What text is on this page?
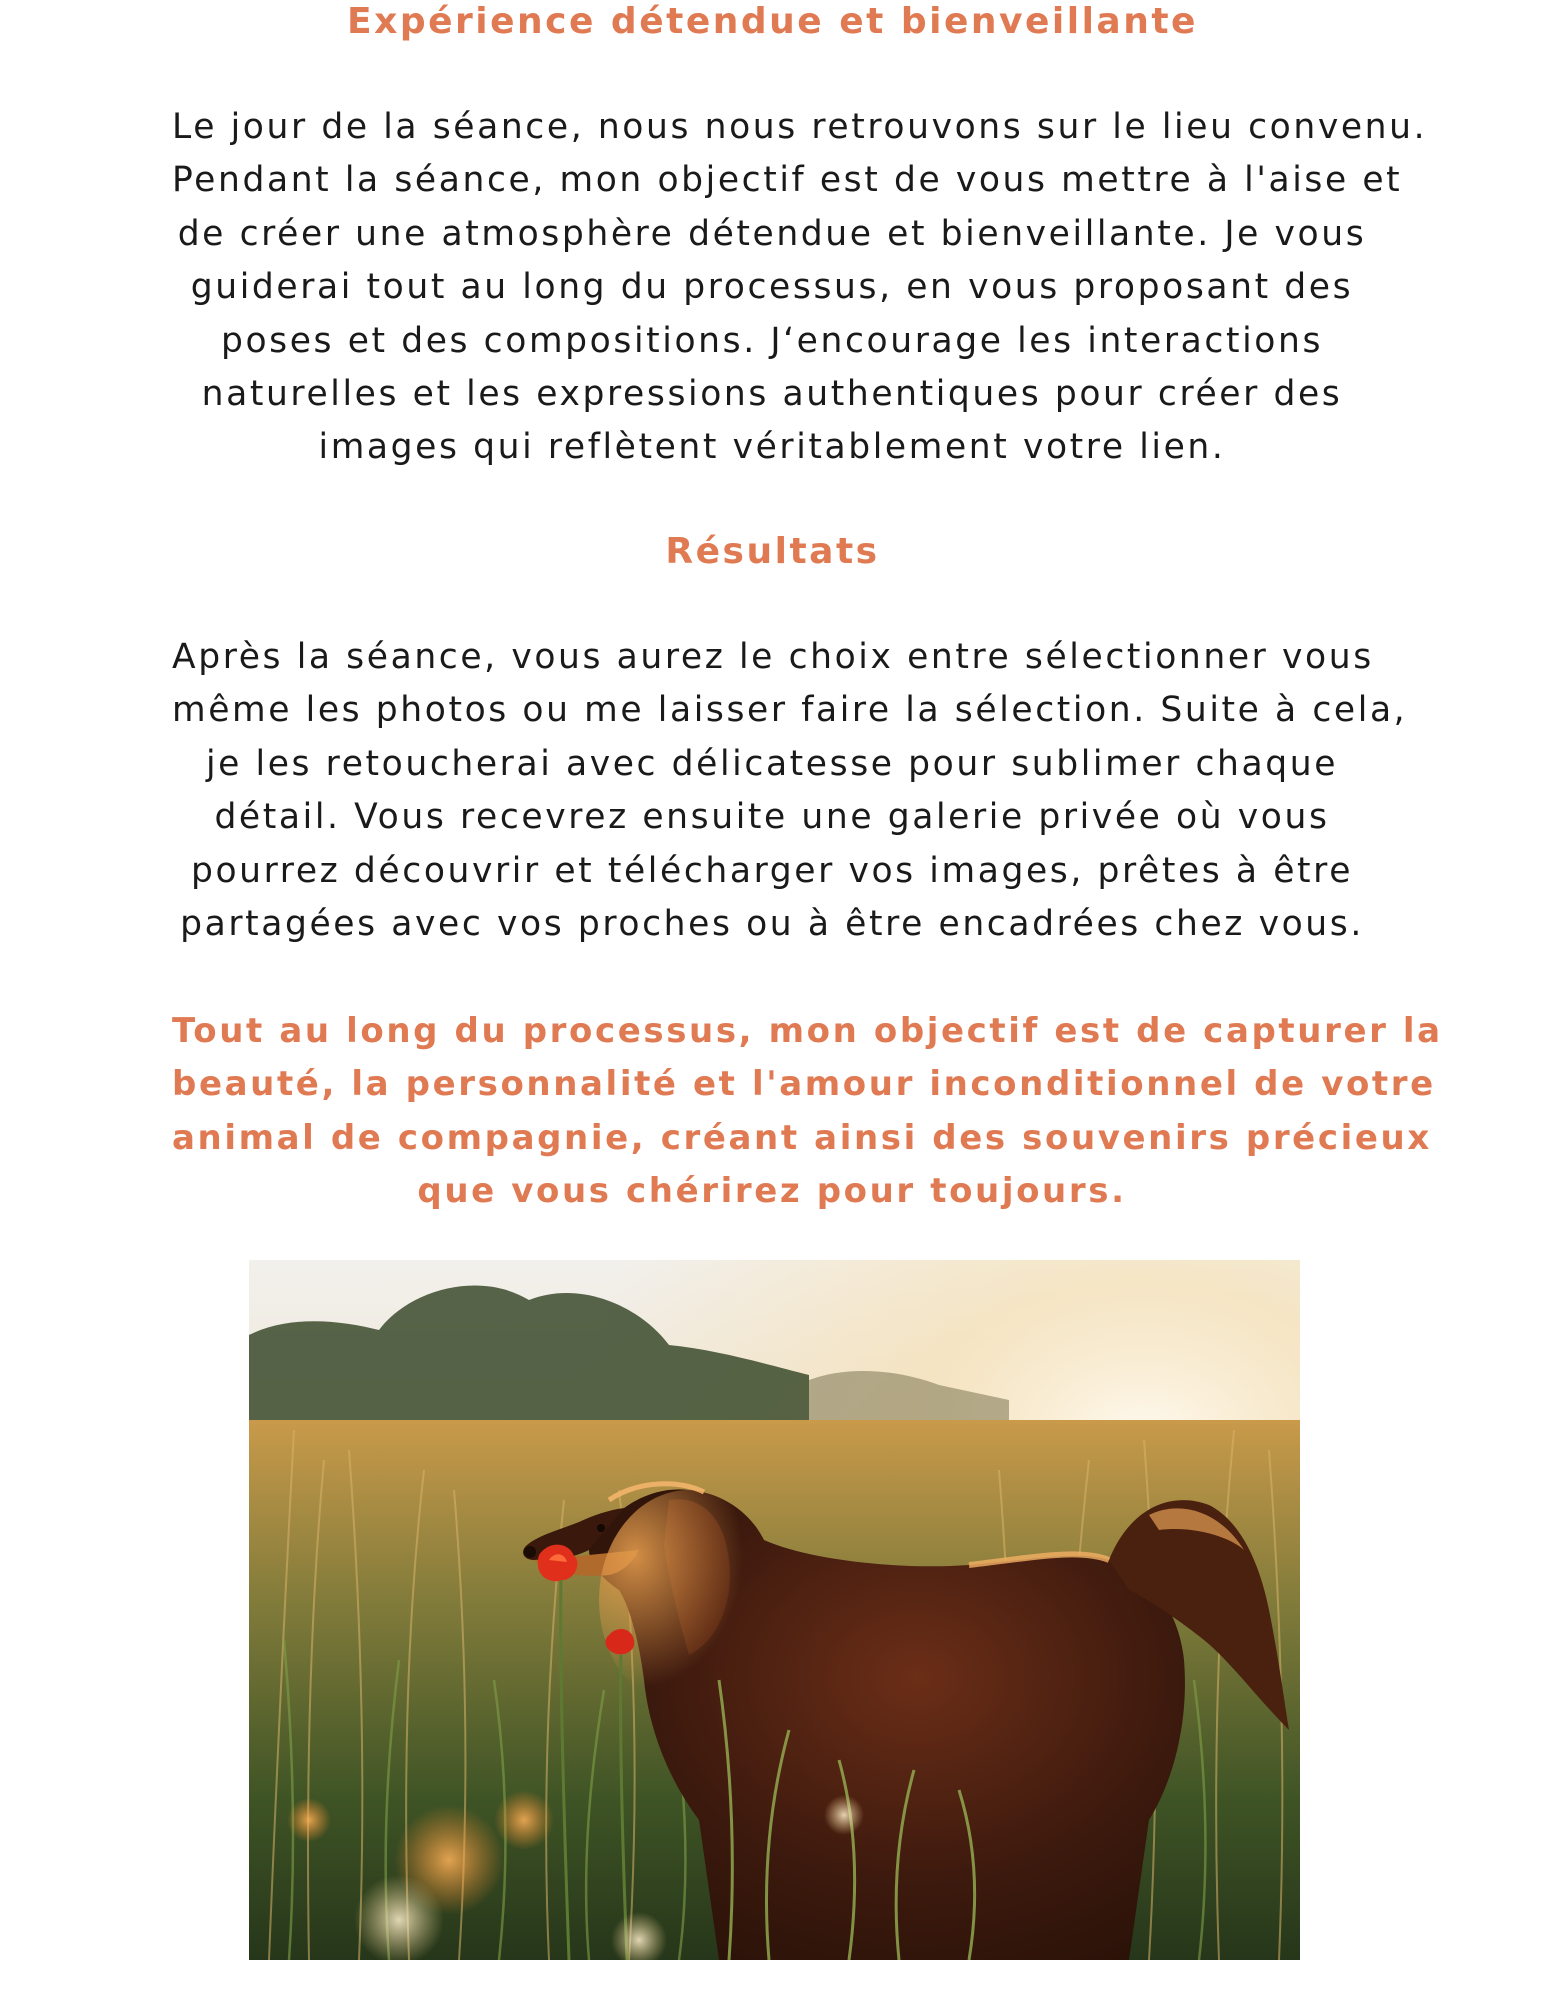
Expérience détendue et bienveillante
Le jour de la séance, nous nous retrouvons sur le lieu convenu.
Pendant la séance, mon objectif est de vous mettre à l'aise et
de créer une atmosphère détendue et bienveillante. Je vous
guiderai tout au long du processus, en vous proposant des
poses et des compositions. J‘encourage les interactions
naturelles et les expressions authentiques pour créer des
images qui reflètent véritablement votre lien.
Résultats
Après la séance, vous aurez le choix entre sélectionner vous
même les photos ou me laisser faire la sélection. Suite à cela,
je les retoucherai avec délicatesse pour sublimer chaque
détail. Vous recevrez ensuite une galerie privée où vous
pourrez découvrir et télécharger vos images, prêtes à être
partagées avec vos proches ou à être encadrées chez vous.
Tout au long du processus, mon objectif est de capturer la
beauté, la personnalité et l'amour inconditionnel de votre
animal de compagnie, créant ainsi des souvenirs précieux
que vous chérirez pour toujours.
